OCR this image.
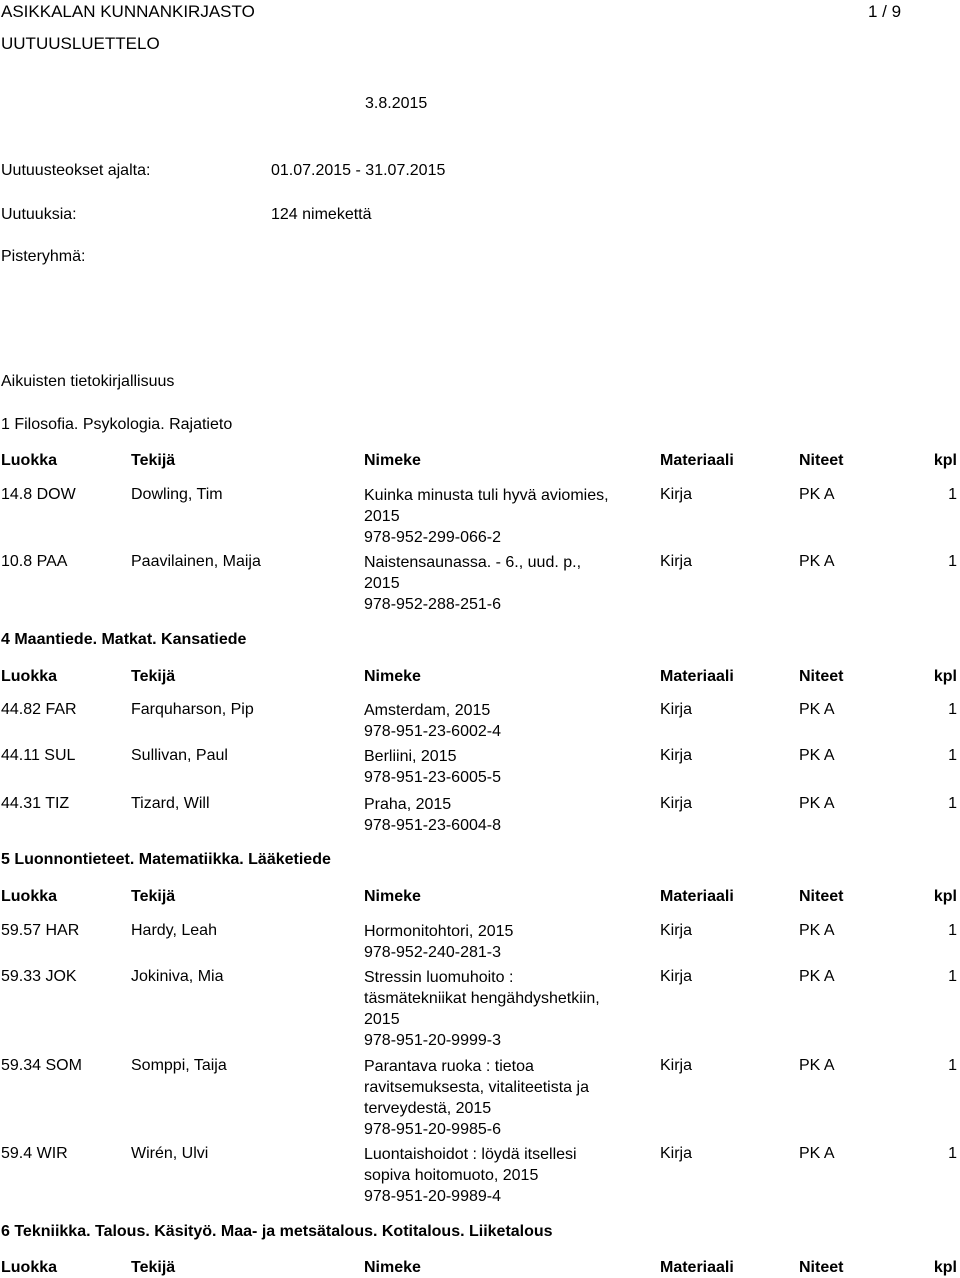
ASIKKALAN KUNNANKIRJASTO	1 / 9
UUTUUSLUETTELO
3.8.2015
Uutuusteokset ajalta:	01.07.2015 - 31.07.2015
Uutuuksia:	124 nimekettä
Pisteryhmä:
Aikuisten tietokirjallisuus
1 Filosofia. Psykologia. Rajatieto
Luokka	Tekijä	Nimeke	Materiaali	Niteet	kpl
14.8 DOW	Dowling, Tim	Kuinka minusta tuli hyvä aviomies,
2015
978-952-299-066-2
Kirja	PK A	1
10.8 PAA	Paavilainen, Maija	Naistensaunassa. - 6., uud. p.,
2015
978-952-288-251-6
Kirja	PK A	1
4 Maantiede. Matkat. Kansatiede
Luokka	Tekijä	Nimeke	Materiaali	Niteet	kpl
44.82 FAR	Farquharson, Pip	Amsterdam, 2015
978-951-23-6002-4
Kirja	PK A	1
44.11 SUL	Sullivan, Paul	Berliini, 2015
978-951-23-6005-5
Kirja	PK A	1
44.31 TIZ	Tizard, Will	Praha, 2015
978-951-23-6004-8
Kirja	PK A	1
5 Luonnontieteet. Matematiikka. Lääketiede
Luokka	Tekijä	Nimeke	Materiaali	Niteet	kpl
59.57 HAR	Hardy, Leah	Hormonitohtori, 2015
978-952-240-281-3
Kirja	PK A	1
59.33 JOK	Jokiniva, Mia	Stressin luomuhoito :
täsmätekniikat hengähdyshetkiin,
2015
978-951-20-9999-3
Kirja	PK A	1
59.34 SOM	Somppi, Taija	Parantava ruoka : tietoa
ravitsemuksesta, vitaliteetista ja
terveydestä, 2015
978-951-20-9985-6
Kirja	PK A	1
59.4 WIR	Wirén, Ulvi	Luontaishoidot : löydä itsellesi
sopiva hoitomuoto, 2015
978-951-20-9989-4
Kirja	PK A	1
6 Tekniikka. Talous. Käsityö. Maa- ja metsätalous. Kotitalous. Liiketalous
Luokka	Tekijä	Nimeke	Materiaali	Niteet	kpl
